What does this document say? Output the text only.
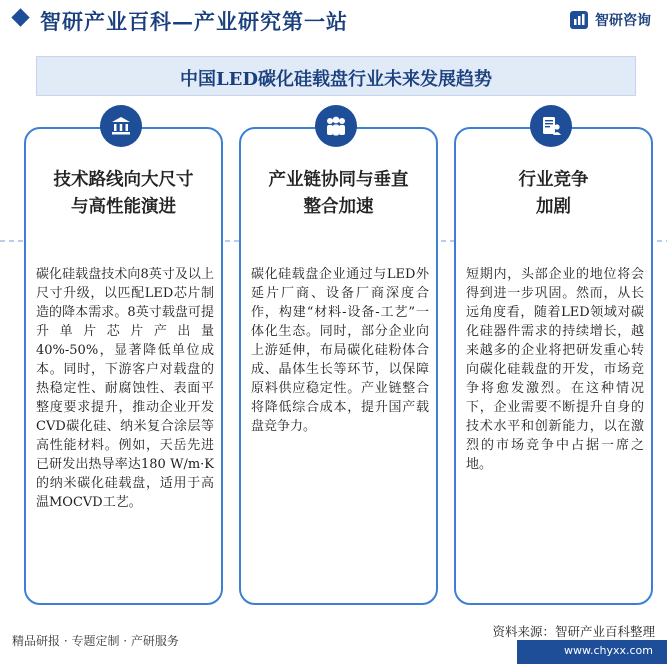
智研产业百科—产业研究第一站	智研咨询
中国LED碳化硅载盘行业未来发展趋势
技术路线向大尺寸
与高性能演进
碳化硅载盘技术向8英寸及以上尺寸升级，以匹配LED芯片制造的降本需求。8英寸载盘可提升单片芯片产出量40%-50%，显著降低单位成本。同时，下游客户对载盘的热稳定性、耐腐蚀性、表面平整度要求提升，推动企业开发CVD碳化硅、纳米复合涂层等高性能材料。例如，天岳先进已研发出热导率达180 W/m·K的纳米碳化硅载盘，适用于高温MOCVD工艺。
产业链协同与垂直
整合加速
碳化硅载盘企业通过与LED外延片厂商、设备厂商深度合作，构建“材料-设备-工艺”一体化生态。同时，部分企业向上游延伸，布局碳化硅粉体合成、晶体生长等环节，以保障原料供应稳定性。产业链整合将降低综合成本，提升国产载盘竞争力。
行业竞争
加剧
短期内，头部企业的地位将会得到进一步巩固。然而，从长远角度看，随着LED领域对碳化硅器件需求的持续增长，越来越多的企业将把研发重心转向碳化硅载盘的开发，市场竞争将愈发激烈。在这种情况下，企业需要不断提升自身的技术水平和创新能力，以在激烈的市场竞争中占据一席之地。
精品研报 · 专题定制 · 产研服务
资料来源：智研产业百科整理
www.chyxx.com
